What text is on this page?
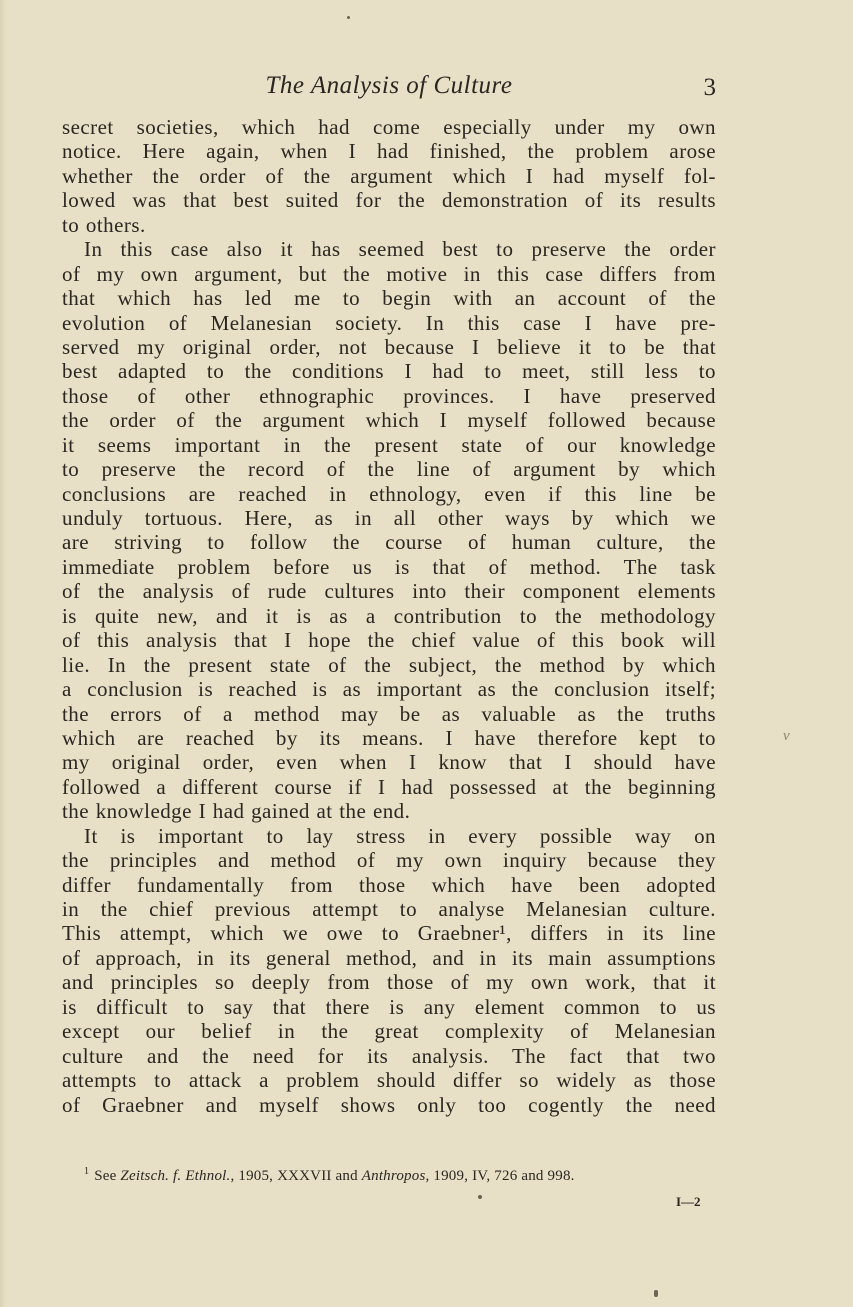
The Analysis of Culture	3
secret societies, which had come especially under my own
notice. Here again, when I had finished, the problem arose
whether the order of the argument which I had myself fol-
lowed was that best suited for the demonstration of its results
to others.
In this case also it has seemed best to preserve the order
of my own argument, but the motive in this case differs from
that which has led me to begin with an account of the
evolution of Melanesian society. In this case I have pre-
served my original order, not because I believe it to be that
best adapted to the conditions I had to meet, still less to
those of other ethnographic provinces. I have preserved
the order of the argument which I myself followed because
it seems important in the present state of our knowledge
to preserve the record of the line of argument by which
conclusions are reached in ethnology, even if this line be
unduly tortuous. Here, as in all other ways by which we
are striving to follow the course of human culture, the
immediate problem before us is that of method. The task
of the analysis of rude cultures into their component elements
is quite new, and it is as a contribution to the methodology
of this analysis that I hope the chief value of this book will
lie. In the present state of the subject, the method by which
a conclusion is reached is as important as the conclusion itself;
the errors of a method may be as valuable as the truths
which are reached by its means. I have therefore kept to
my original order, even when I know that I should have
followed a different course if I had possessed at the beginning
the knowledge I had gained at the end.
It is important to lay stress in every possible way on
the principles and method of my own inquiry because they
differ fundamentally from those which have been adopted
in the chief previous attempt to analyse Melanesian culture.
This attempt, which we owe to Graebner¹, differs in its line
of approach, in its general method, and in its main assumptions
and principles so deeply from those of my own work, that it
is difficult to say that there is any element common to us
except our belief in the great complexity of Melanesian
culture and the need for its analysis. The fact that two
attempts to attack a problem should differ so widely as those
of Graebner and myself shows only too cogently the need
v
$^1$ See Zeitsch. f. Ethnol., 1905, XXXVII and Anthropos, 1909, IV, 726 and 998.
I—2
